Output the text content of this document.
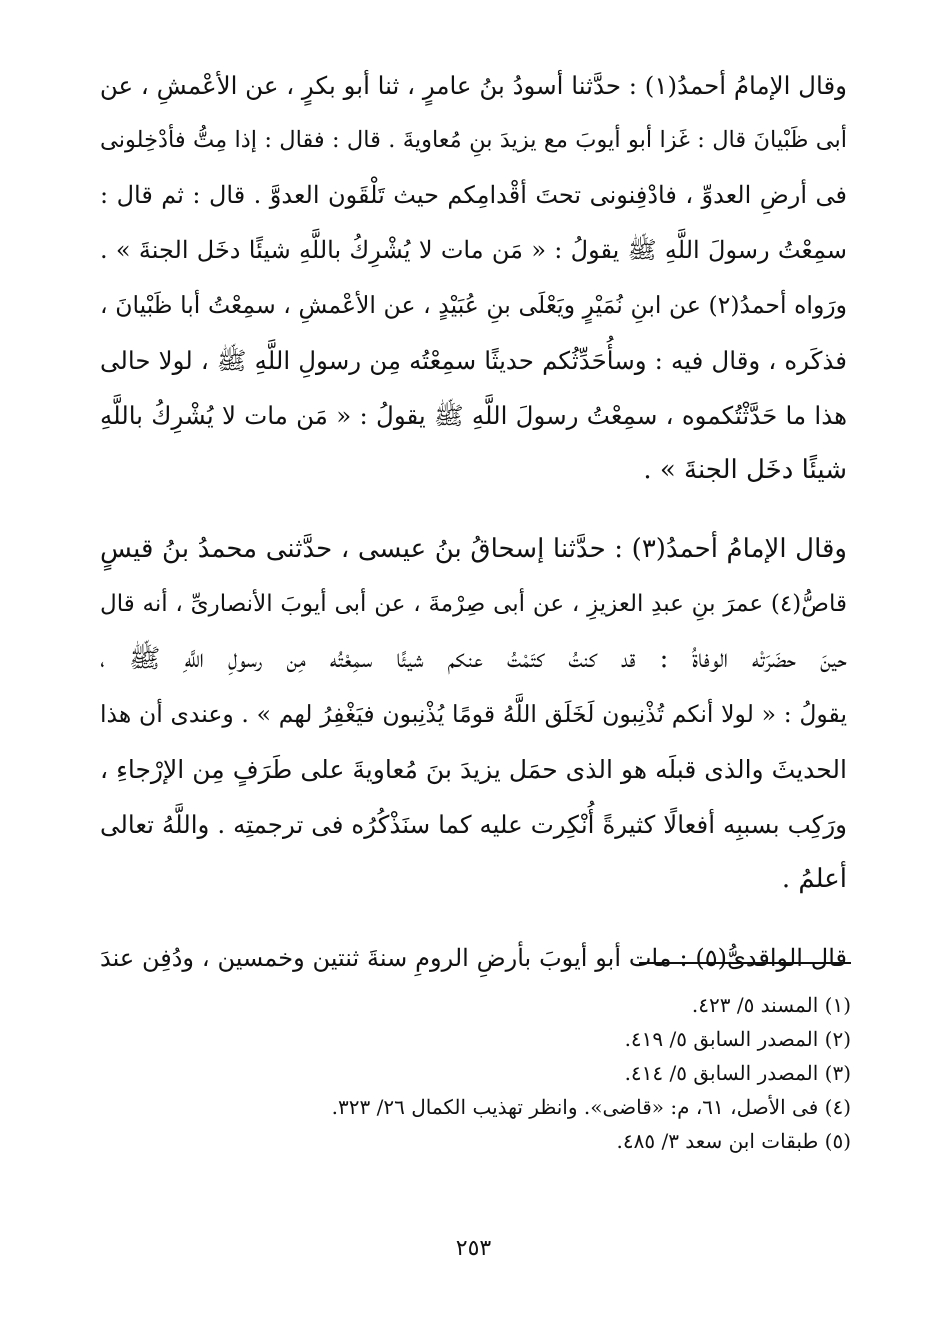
وقال الإمامُ أحمدُ(١) : حدَّثنا أسودُ بنُ عامرٍ ، ثنا أبو بكرٍ ، عن الأعْمشِ ، عن
أبى ظَبْيانَ قال : غَزا أبو أيوبَ مع يزيدَ بنِ مُعاويةَ . قال : فقال : إذا مِتُّ فأدْخِلونى
فى أرضِ العدوِّ ، فادْفِنونى تحتَ أقْدامِكم حيث تَلْقَون العدوَّ . قال : ثم قال :
سمِعْتُ رسولَ اللَّهِ ﷺ يقولُ : « مَن مات لا يُشْرِكُ باللَّهِ شيئًا دخَل الجنةَ » .
ورَواه أحمدُ(٢) عن ابنِ نُمَيْرٍ ويَعْلَى بنِ عُبَيْدٍ ، عن الأعْمشِ ، سمِعْتُ أبا ظَبْيانَ ،
فذكَره ، وقال فيه : وسأُحَدِّثُكم حديثًا سمِعْتُه مِن رسولِ اللَّهِ ﷺ ، لولا حالى
هذا ما حَدَّثْتُكموه ، سمِعْتُ رسولَ اللَّهِ ﷺ يقولُ : « مَن مات لا يُشْرِكُ باللَّهِ
شيئًا دخَل الجنةَ » .
وقال الإمامُ أحمدُ(٣) : حدَّثنا إسحاقُ بنُ عيسى ، حدَّثنى محمدُ بنُ قيسٍ
قاصُّ(٤) عمرَ بنِ عبدِ العزيزِ ، عن أبى صِرْمةَ ، عن أبى أيوبَ الأنصارىِّ ، أنه قال
حينَ حضَرَتْه الوفاةُ : قد كنتُ كتَمْتُ عنكم شيئًا سمِعْتُه مِن رسولِ اللَّهِ ﷺ ،
يقولُ : « لولا أنكم تُذْنِبون لَخَلَق اللَّهُ قومًا يُذْنِبون فيَغْفِرُ لهم » . وعندى أن هذا
الحديثَ والذى قبلَه هو الذى حمَل يزيدَ بنَ مُعاويةَ على طَرَفٍ مِن الإرْجاءِ ،
ورَكِب بسببِه أفعالًا كثيرةً أُنْكِرت عليه كما سنَذْكُرُه فى ترجمتِه . واللَّهُ تعالى
أعلمُ .
قال الواقدىُّ(٥) : مات أبو أيوبَ بأرضِ الرومِ سنةَ ثنتين وخمسين ، ودُفِن عندَ
(١) المسند ٥/ ٤٢٣.
(٢) المصدر السابق ٥/ ٤١٩.
(٣) المصدر السابق ٥/ ٤١٤.
(٤) فى الأصل، ٦١، م: «قاضى». وانظر تهذيب الكمال ٢٦/ ٣٢٣.
(٥) طبقات ابن سعد ٣/ ٤٨٥.
٢٥٣
